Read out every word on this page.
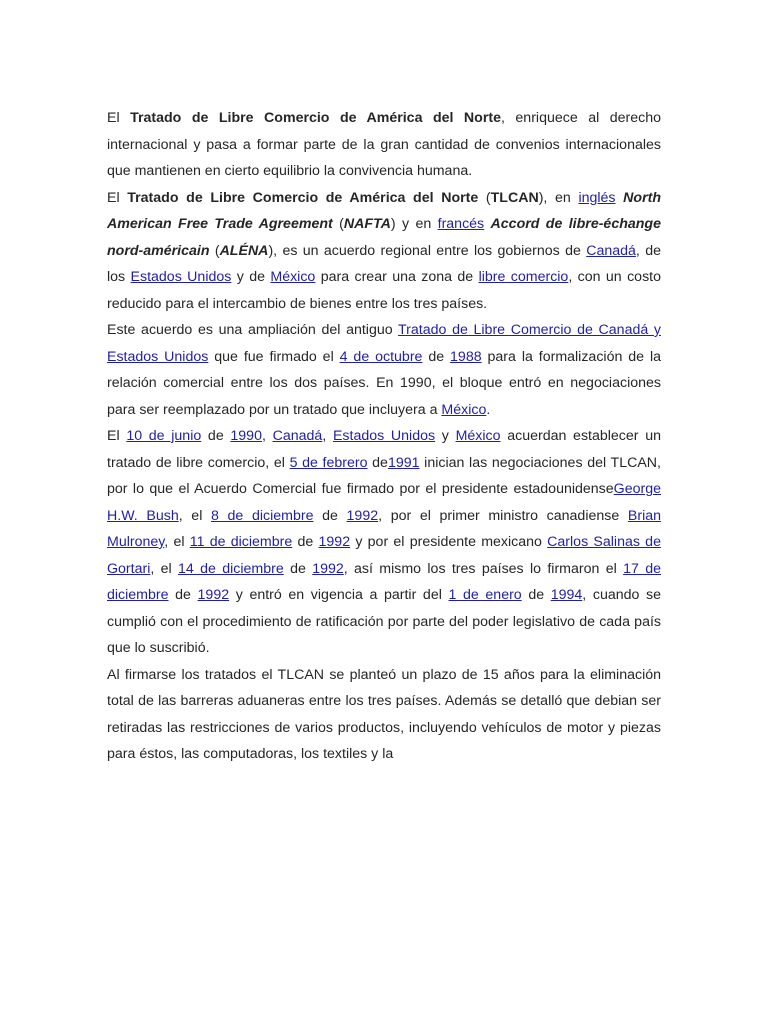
El Tratado de Libre Comercio de América del Norte, enriquece al derecho internacional y pasa a formar parte de la gran cantidad de convenios internacionales que mantienen en cierto equilibrio la convivencia humana.

El Tratado de Libre Comercio de América del Norte (TLCAN), en inglés North American Free Trade Agreement (NAFTA) y en francés Accord de libre-échange nord-américain (ALÉNA), es un acuerdo regional entre los gobiernos de Canadá, de los Estados Unidos y de México para crear una zona de libre comercio, con un costo reducido para el intercambio de bienes entre los tres países.

Este acuerdo es una ampliación del antiguo Tratado de Libre Comercio de Canadá y Estados Unidos que fue firmado el 4 de octubre de 1988 para la formalización de la relación comercial entre los dos países. En 1990, el bloque entró en negociaciones para ser reemplazado por un tratado que incluyera a México.

El 10 de junio de 1990, Canadá, Estados Unidos y México acuerdan establecer un tratado de libre comercio, el 5 de febrero de1991 inician las negociaciones del TLCAN, por lo que el Acuerdo Comercial fue firmado por el presidente estadounidenseGeorge H.W. Bush, el 8 de diciembre de 1992, por el primer ministro canadiense Brian Mulroney, el 11 de diciembre de 1992 y por el presidente mexicano Carlos Salinas de Gortari, el 14 de diciembre de 1992, así mismo los tres países lo firmaron el 17 de diciembre de 1992 y entró en vigencia a partir del 1 de enero de 1994, cuando se cumplió con el procedimiento de ratificación por parte del poder legislativo de cada país que lo suscribió.

Al firmarse los tratados el TLCAN se planteó un plazo de 15 años para la eliminación total de las barreras aduaneras entre los tres países. Además se detalló que debian ser retiradas las restricciones de varios productos, incluyendo vehículos de motor y piezas para éstos, las computadoras, los textiles y la
